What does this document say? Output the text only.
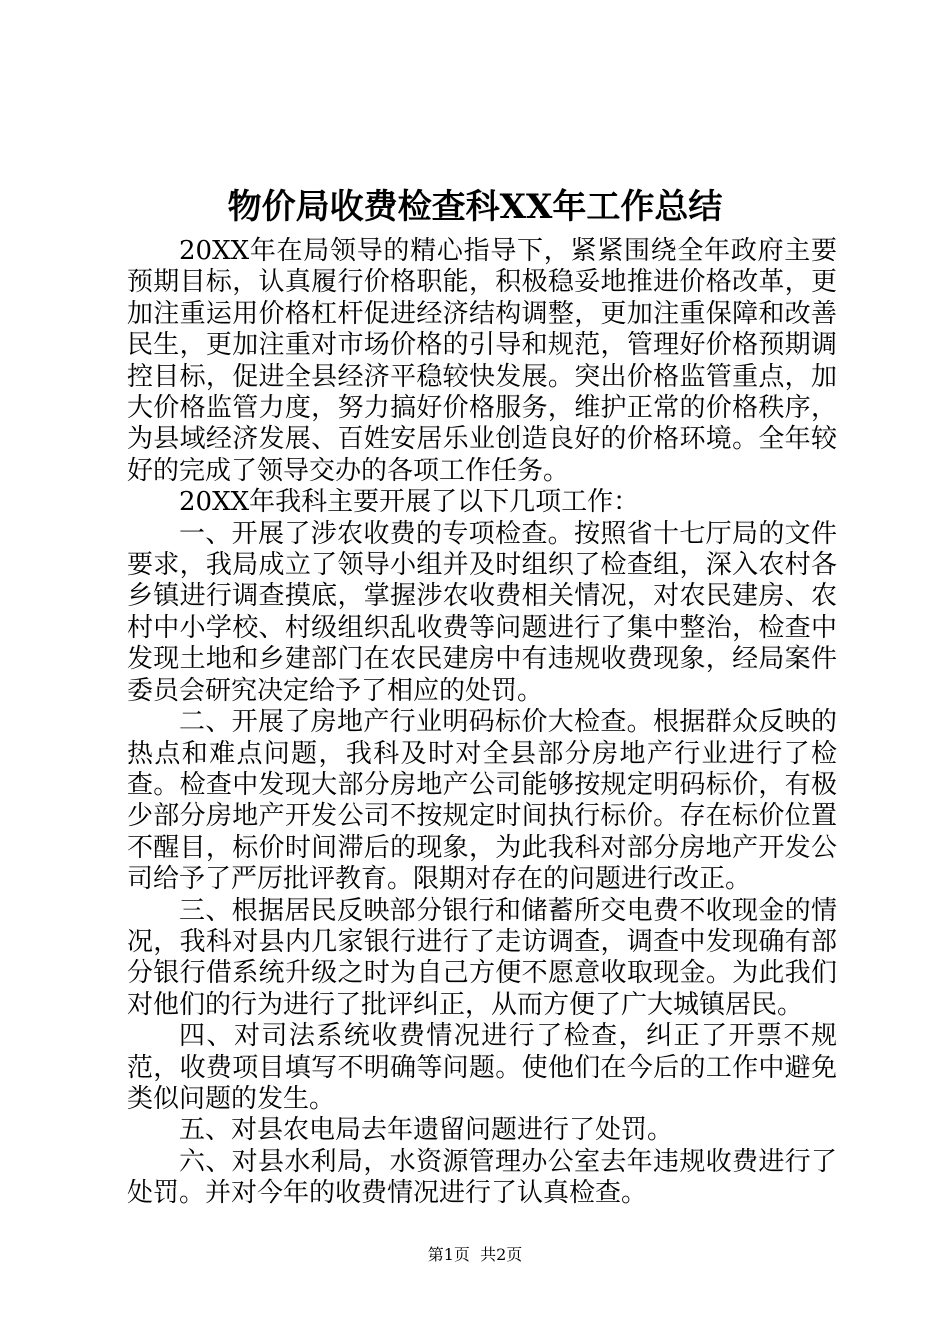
物价局收费检查科XX年工作总结

20XX年在局领导的精心指导下，紧紧围绕全年政府主要预期目标，认真履行价格职能，积极稳妥地推进价格改革，更加注重运用价格杠杆促进经济结构调整，更加注重保障和改善民生，更加注重对市场价格的引导和规范，管理好价格预期调控目标，促进全县经济平稳较快发展。突出价格监管重点，加大价格监管力度，努力搞好价格服务，维护正常的价格秩序，为县域经济发展、百姓安居乐业创造良好的价格环境。全年较好的完成了领导交办的各项工作任务。

20XX年我科主要开展了以下几项工作：

一、开展了涉农收费的专项检查。按照省十七厅局的文件要求，我局成立了领导小组并及时组织了检查组，深入农村各乡镇进行调查摸底，掌握涉农收费相关情况，对农民建房、农村中小学校、村级组织乱收费等问题进行了集中整治，检查中发现土地和乡建部门在农民建房中有违规收费现象，经局案件委员会研究决定给予了相应的处罚。

二、开展了房地产行业明码标价大检查。根据群众反映的热点和难点问题，我科及时对全县部分房地产行业进行了检查。检查中发现大部分房地产公司能够按规定明码标价，有极少部分房地产开发公司不按规定时间执行标价。存在标价位置不醒目，标价时间滞后的现象，为此我科对部分房地产开发公司给予了严厉批评教育。限期对存在的问题进行改正。

三、根据居民反映部分银行和储蓄所交电费不收现金的情况，我科对县内几家银行进行了走访调查，调查中发现确有部分银行借系统升级之时为自己方便不愿意收取现金。为此我们对他们的行为进行了批评纠正，从而方便了广大城镇居民。

四、对司法系统收费情况进行了检查，纠正了开票不规范，收费项目填写不明确等问题。使他们在今后的工作中避免类似问题的发生。

五、对县农电局去年遗留问题进行了处罚。

六、对县水利局，水资源管理办公室去年违规收费进行了处罚。并对今年的收费情况进行了认真检查。

第1页 共2页
